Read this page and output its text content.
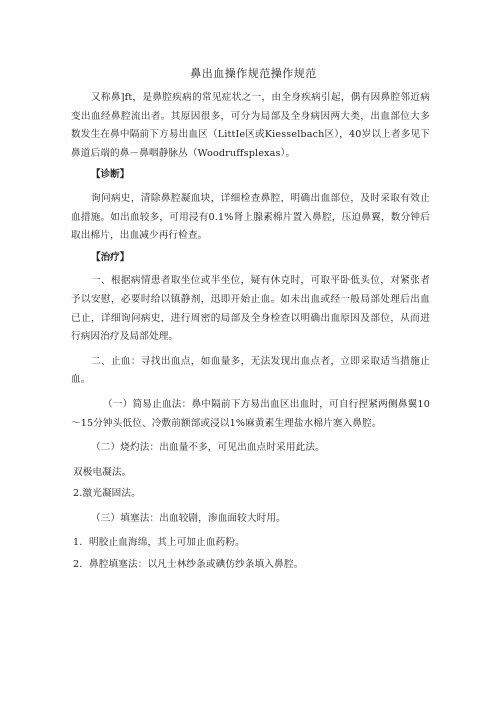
鼻出血操作规范操作规范
又称鼻]ft，是鼻腔疾病的常见症状之一，由全身疾病引起，偶有因鼻腔邻近病变出血经鼻腔流出者。其原因很多，可分为局部及全身病因两大类，出血部位大多数发生在鼻中隔前下方易出血区（LittIe区或Kiesselbach区），40岁以上者多见下鼻道后端的鼻－鼻咽静脉丛（Woodruffsplexas）。
【诊断】
询问病史，清除鼻腔凝血块，详细检查鼻腔，明确出血部位，及时采取有效止血措施。如出血较多，可用浸有0.1%肾上腺素棉片置入鼻腔，压迫鼻翼，数分钟后取出棉片，出血减少再行检查。
【治疗】
一、根据病情患者取坐位或半坐位，疑有休克时，可取平卧低头位，对紧张者予以安慰，必要时给以镇静剂，迅即开始止血。如未出血或经一般局部处理后出血已止，详细询问病史，进行周密的局部及全身检查以明确出血原因及部位，从而进行病因治疗及局部处理。
二、止血：寻找出血点，如血量多，无法发现出血点者，立即采取适当措施止血。
（一）简易止血法：鼻中隔前下方易出血区出血时，可自行捏紧两侧鼻翼10～15分钟头低位、冷敷前额部或浸以1%麻黄素生理盐水棉片塞入鼻腔。
（二）烧灼法：出血量不多，可见出血点时采用此法。
双极电凝法。
2.激光凝固法。
（三）填塞法：出血较剧，渗血面较大时用。
1．明胶止血海绵，其上可加止血药粉。
2．鼻腔填塞法：以凡士林纱条或碘仿纱条填入鼻腔。
